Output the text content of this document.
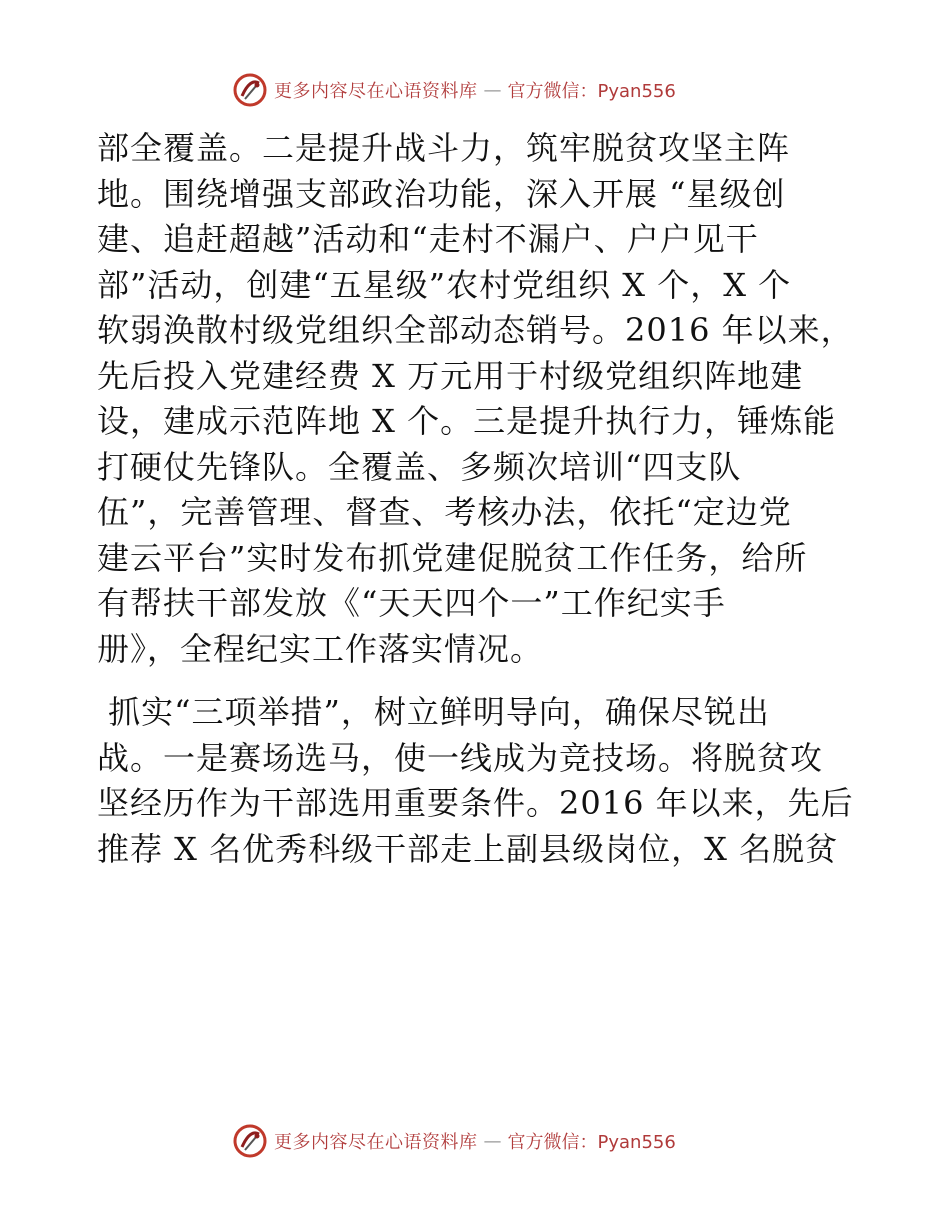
更多内容尽在心语资料库 — 官方微信：Pyan556
部全覆盖。二是提升战斗力，筑牢脱贫攻坚主阵
地。围绕增强支部政治功能，深入开展 “星级创
建、追赶超越”活动和“走村不漏户、户户见干
部”活动，创建“五星级”农村党组织 X 个，X 个
软弱涣散村级党组织全部动态销号。2016 年以来，
先后投入党建经费 X 万元用于村级党组织阵地建
设，建成示范阵地 X 个。三是提升执行力，锤炼能
打硬仗先锋队。全覆盖、多频次培训“四支队
伍”，完善管理、督查、考核办法，依托“定边党
建云平台”实时发布抓党建促脱贫工作任务，给所
有帮扶干部发放《“天天四个一”工作纪实手
册》，全程纪实工作落实情况。
抓实“三项举措”，树立鲜明导向，确保尽锐出
战。一是赛场选马，使一线成为竞技场。将脱贫攻
坚经历作为干部选用重要条件。2016 年以来，先后
推荐 X 名优秀科级干部走上副县级岗位，X 名脱贫
更多内容尽在心语资料库 — 官方微信：Pyan556
